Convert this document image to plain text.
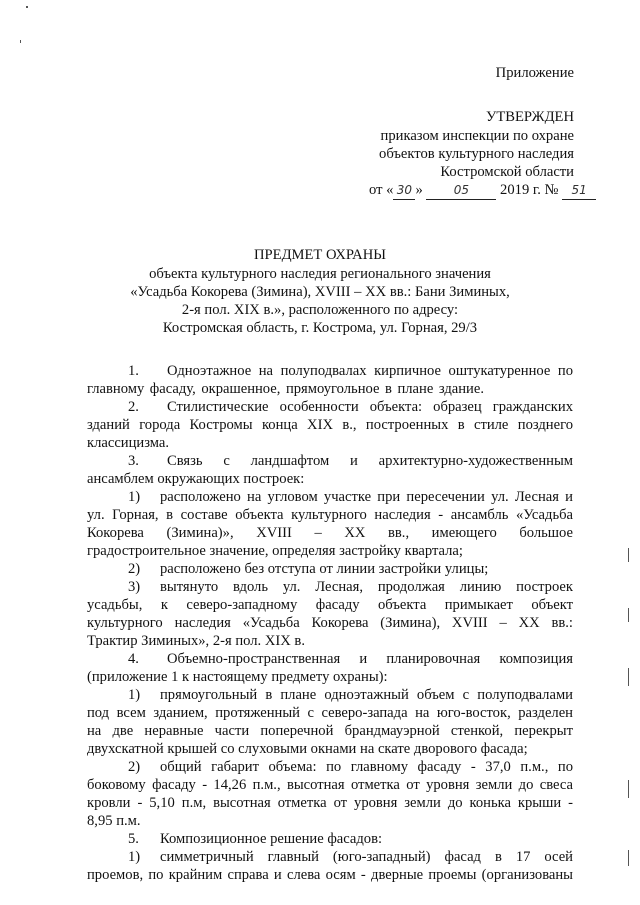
Приложение
УТВЕРЖДЕН
приказом инспекции по охране
объектов культурного наследия
Костромской области
от « 30 »	05 2019 г. № 51
ПРЕДМЕТ ОХРАНЫ
объекта культурного наследия регионального значения
«Усадьба Кокорева (Зимина), XVIII – XX вв.: Бани Зиминых,
2-я пол. XIX в.», расположенного по адресу:
Костромская область, г. Кострома, ул. Горная, 29/3
1. Одноэтажное на полуподвалах кирпичное оштукатуренное по
главному фасаду, окрашенное, прямоугольное в плане здание.
2. Стилистические особенности объекта: образец гражданских
зданий города Костромы конца XIX в., построенных в стиле позднего
классицизма.
3. Связь с ландшафтом и архитектурно-художественным
ансамблем окружающих построек:
1) расположено на угловом участке при пересечении ул. Лесная и
ул. Горная, в составе объекта культурного наследия - ансамбль «Усадьба
Кокорева (Зимина)», XVIII – XX вв., имеющего большое
градостроительное значение, определяя застройку квартала;
2) расположено без отступа от линии застройки улицы;
3) вытянуто вдоль ул. Лесная, продолжая линию построек
усадьбы, к северо-западному фасаду объекта примыкает объект
культурного наследия «Усадьба Кокорева (Зимина), XVIII – XX вв.:
Трактир Зиминых», 2-я пол. XIX в.
4. Объемно-пространственная и планировочная композиция
(приложение 1 к настоящему предмету охраны):
1) прямоугольный в плане одноэтажный объем с полуподвалами
под всем зданием, протяженный с северо-запада на юго-восток, разделен
на две неравные части поперечной брандмауэрной стенкой, перекрыт
двухскатной крышей со слуховыми окнами на скате дворового фасада;
2) общий габарит объема: по главному фасаду - 37,0 п.м., по
боковому фасаду - 14,26 п.м., высотная отметка от уровня земли до свеса
кровли - 5,10 п.м, высотная отметка от уровня земли до конька крыши -
8,95 п.м.
5. Композиционное решение фасадов:
1) симметричный главный (юго-западный) фасад в 17 осей
проемов, по крайним справа и слева осям - дверные проемы (организованы
